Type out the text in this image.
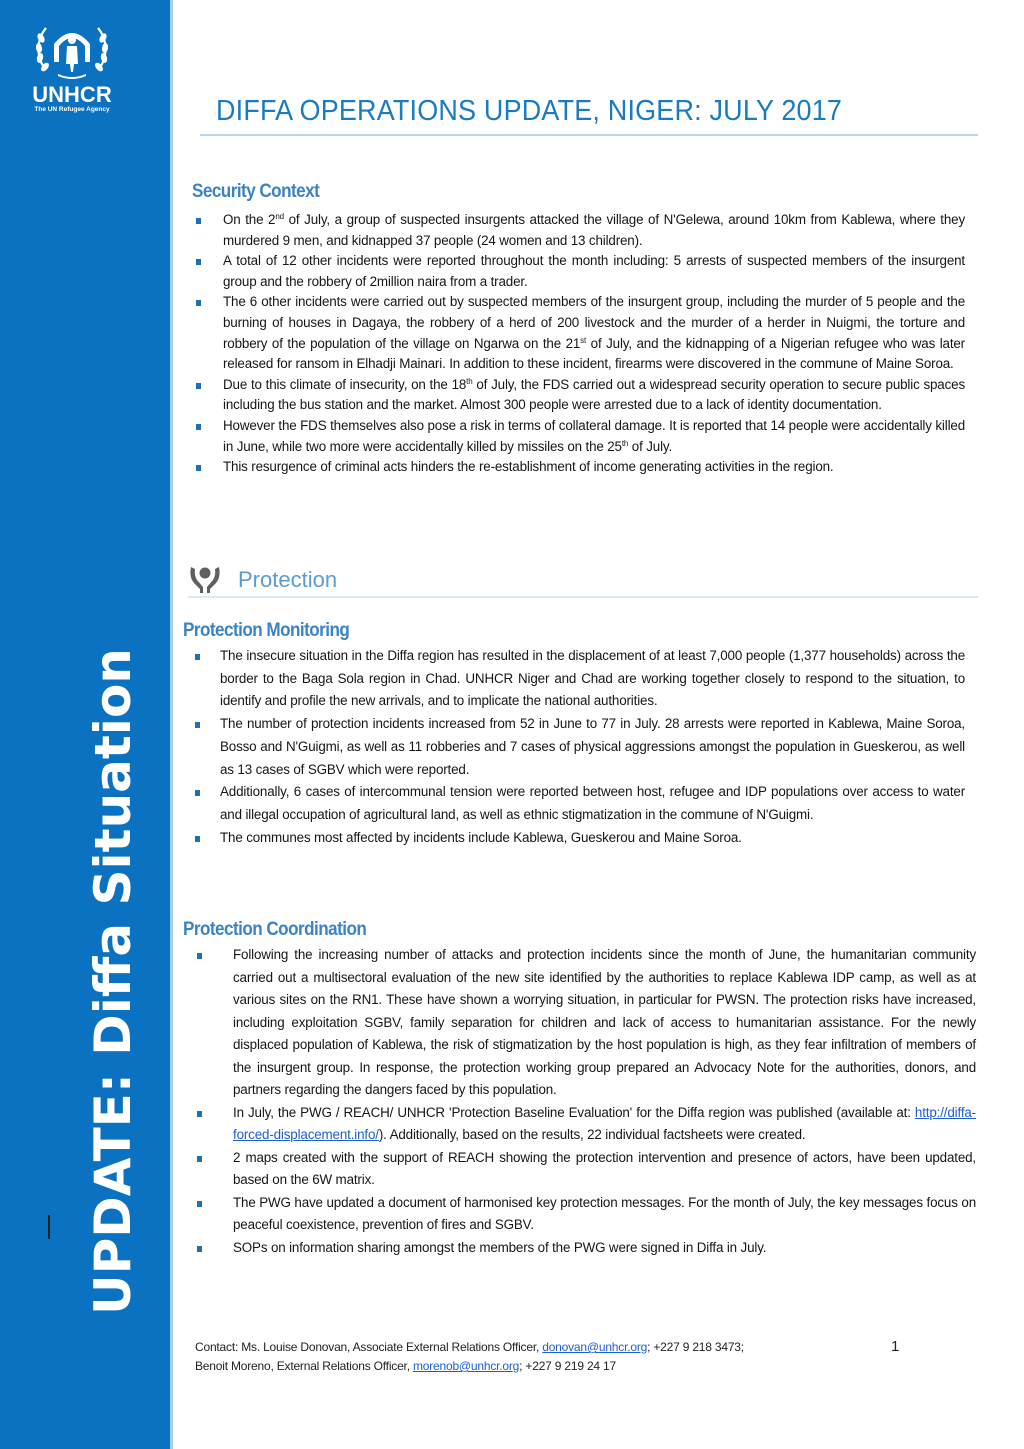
UNHCR
The UN Refugee Agency
UPDATE: Diffa Situation
DIFFA OPERATIONS UPDATE, NIGER: JULY 2017
Security Context
On the 2nd of July, a group of suspected insurgents attacked the village of N'Gelewa, around 10km from Kablewa, where they murdered 9 men, and kidnapped 37 people (24 women and 13 children).
A total of 12 other incidents were reported throughout the month including: 5 arrests of suspected members of the insurgent group and the robbery of 2million naira from a trader.
The 6 other incidents were carried out by suspected members of the insurgent group, including the murder of 5 people and the burning of houses in Dagaya, the robbery of a herd of 200 livestock and the murder of a herder in Nuigmi, the torture and robbery of the population of the village on Ngarwa on the 21st of July, and the kidnapping of a Nigerian refugee who was later released for ransom in Elhadji Mainari. In addition to these incident, firearms were discovered in the commune of Maine Soroa.
Due to this climate of insecurity, on the 18th of July, the FDS carried out a widespread security operation to secure public spaces including the bus station and the market. Almost 300 people were arrested due to a lack of identity documentation.
However the FDS themselves also pose a risk in terms of collateral damage. It is reported that 14 people were accidentally killed in June, while two more were accidentally killed by missiles on the 25th of July.
This resurgence of criminal acts hinders the re-establishment of income generating activities in the region.
Protection
Protection Monitoring
The insecure situation in the Diffa region has resulted in the displacement of at least 7,000 people (1,377 households) across the border to the Baga Sola region in Chad. UNHCR Niger and Chad are working together closely to respond to the situation, to identify and profile the new arrivals, and to implicate the national authorities.
The number of protection incidents increased from 52 in June to 77 in July. 28 arrests were reported in Kablewa, Maine Soroa, Bosso and N'Guigmi, as well as 11 robberies and 7 cases of physical aggressions amongst the population in Gueskerou, as well as 13 cases of SGBV which were reported.
Additionally, 6 cases of intercommunal tension were reported between host, refugee and IDP populations over access to water and illegal occupation of agricultural land, as well as ethnic stigmatization in the commune of N'Guigmi.
The communes most affected by incidents include Kablewa, Gueskerou and Maine Soroa.
Protection Coordination
Following the increasing number of attacks and protection incidents since the month of June, the humanitarian community carried out a multisectoral evaluation of the new site identified by the authorities to replace Kablewa IDP camp, as well as at various sites on the RN1. These have shown a worrying situation, in particular for PWSN. The protection risks have increased, including exploitation SGBV, family separation for children and lack of access to humanitarian assistance. For the newly displaced population of Kablewa, the risk of stigmatization by the host population is high, as they fear infiltration of members of the insurgent group. In response, the protection working group prepared an Advocacy Note for the authorities, donors, and partners regarding the dangers faced by this population.
In July, the PWG / REACH/ UNHCR 'Protection Baseline Evaluation' for the Diffa region was published (available at: http://diffa-forced-displacement.info/). Additionally, based on the results, 22 individual factsheets were created.
2 maps created with the support of REACH showing the protection intervention and presence of actors, have been updated, based on the 6W matrix.
The PWG have updated a document of harmonised key protection messages. For the month of July, the key messages focus on peaceful coexistence, prevention of fires and SGBV.
SOPs on information sharing amongst the members of the PWG were signed in Diffa in July.
Contact: Ms. Louise Donovan, Associate External Relations Officer, donovan@unhcr.org; +227 9 218 3473;
Benoit Moreno, External Relations Officer, morenob@unhcr.org; +227 9 219 24 17
1
